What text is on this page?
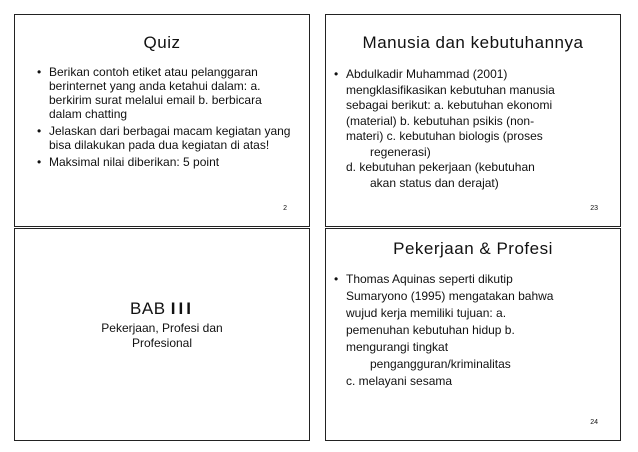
Quiz
• Berikan contoh etiket atau pelanggaran berinternet yang anda ketahui dalam: a. berkirim surat melalui email b. berbicara dalam chatting
• Jelaskan dari berbagai macam kegiatan yang bisa dilakukan pada dua kegiatan di atas!
• Maksimal nilai diberikan: 5 point
2
Manusia dan kebutuhannya
• Abdulkadir Muhammad (2001)
mengklasifikasikan kebutuhan manusia
sebagai berikut: a. kebutuhan ekonomi
(material) b. kebutuhan psikis (non-
materi) c. kebutuhan biologis (proses
regenerasi)
d. kebutuhan pekerjaan (kebutuhan
akan status dan derajat)
23
BAB III
Pekerjaan, Profesi dan
Profesional
Pekerjaan & Profesi
• Thomas Aquinas seperti dikutip
Sumaryono (1995) mengatakan bahwa
wujud kerja memiliki tujuan: a.
pemenuhan kebutuhan hidup b.
mengurangi tingkat
pengangguran/kriminalitas
c. melayani sesama
24
